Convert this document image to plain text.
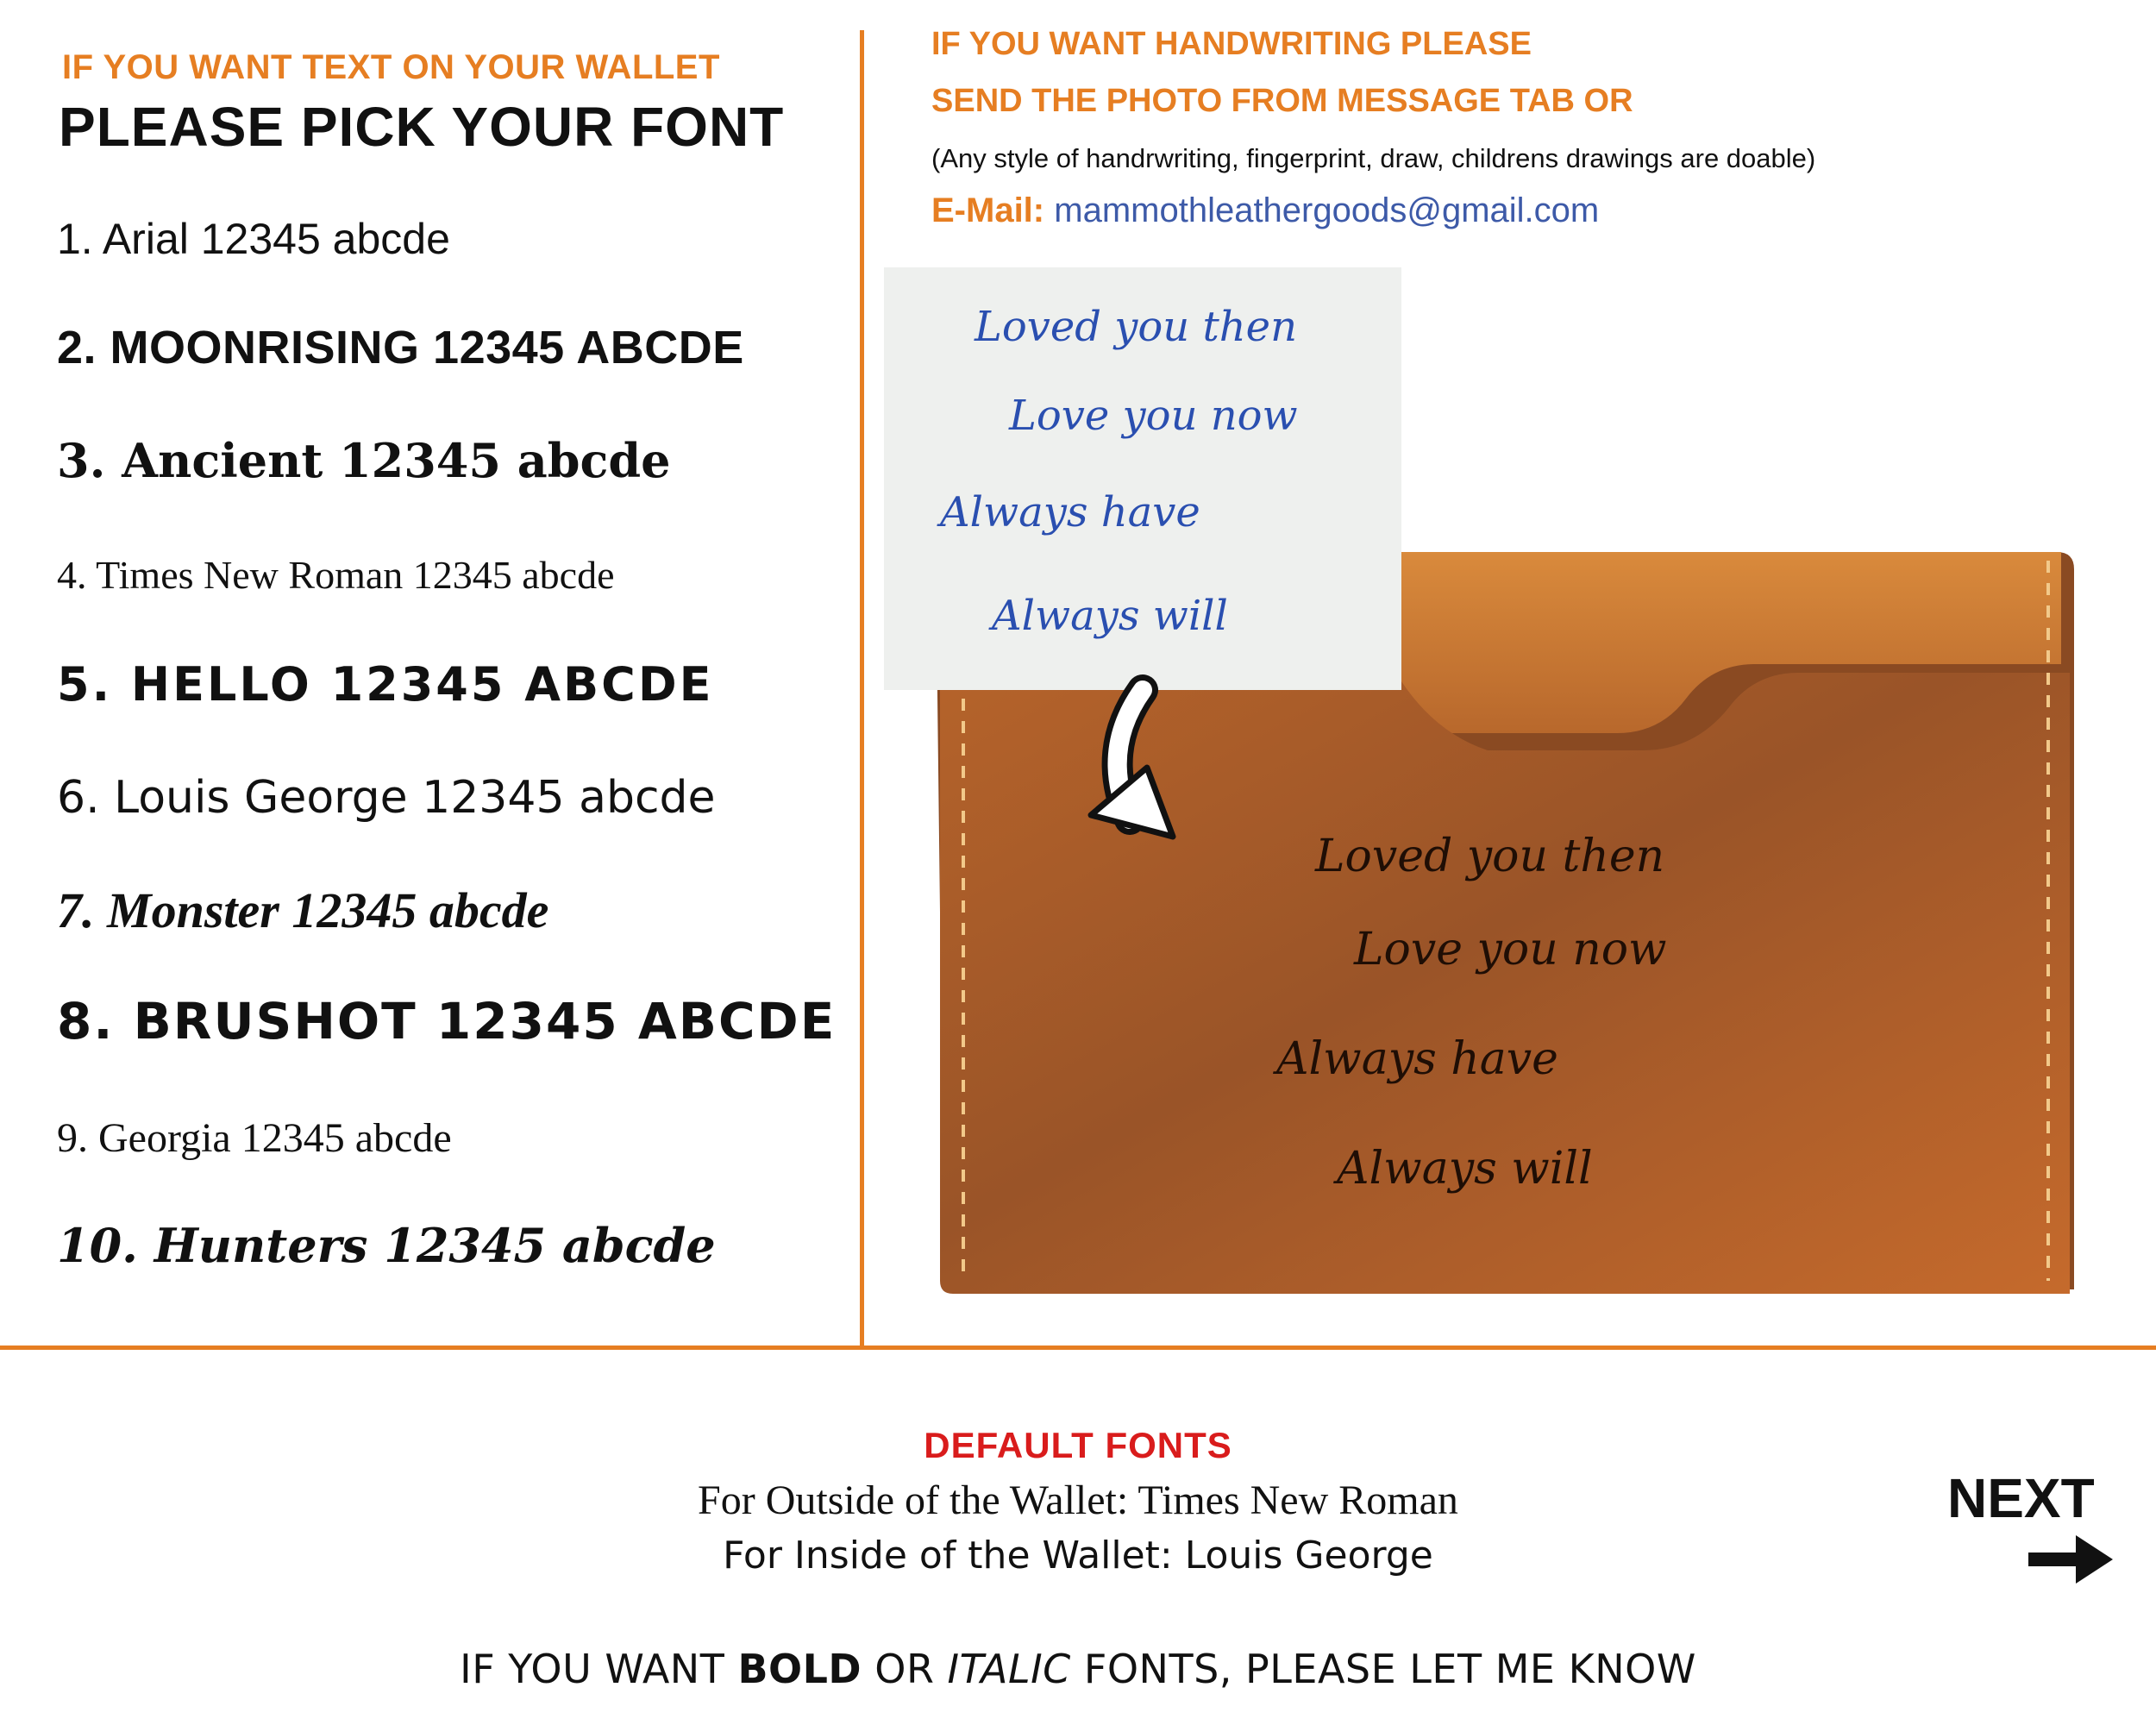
IF YOU WANT TEXT ON YOUR WALLET
PLEASE PICK YOUR FONT
1. Arial 12345 abcde
2. MOONRISING 12345 ABCDE
3. Ancient 12345 abcde
4. Times New Roman 12345 abcde
5. HELLO 12345 ABCDE
6. Louis George 12345 abcde
7. Monster 12345 abcde
8. BRUSHOT 12345 ABCDE
9. Georgia 12345 abcde
10. Hunters 12345 abcde
IF YOU WANT HANDWRITING PLEASE
SEND THE PHOTO FROM MESSAGE TAB OR
(Any style of handrwriting, fingerprint, draw, childrens drawings are doable)
E-Mail: mammothleathergoods@gmail.com
Loved you then
Love you now
Always have
Always will
Loved you then
Love you now
Always have
Always will
DEFAULT FONTS
For Outside of the Wallet: Times New Roman
For Inside of the Wallet: Louis George
IF YOU WANT BOLD OR ITALIC FONTS, PLEASE LET ME KNOW
NEXT
